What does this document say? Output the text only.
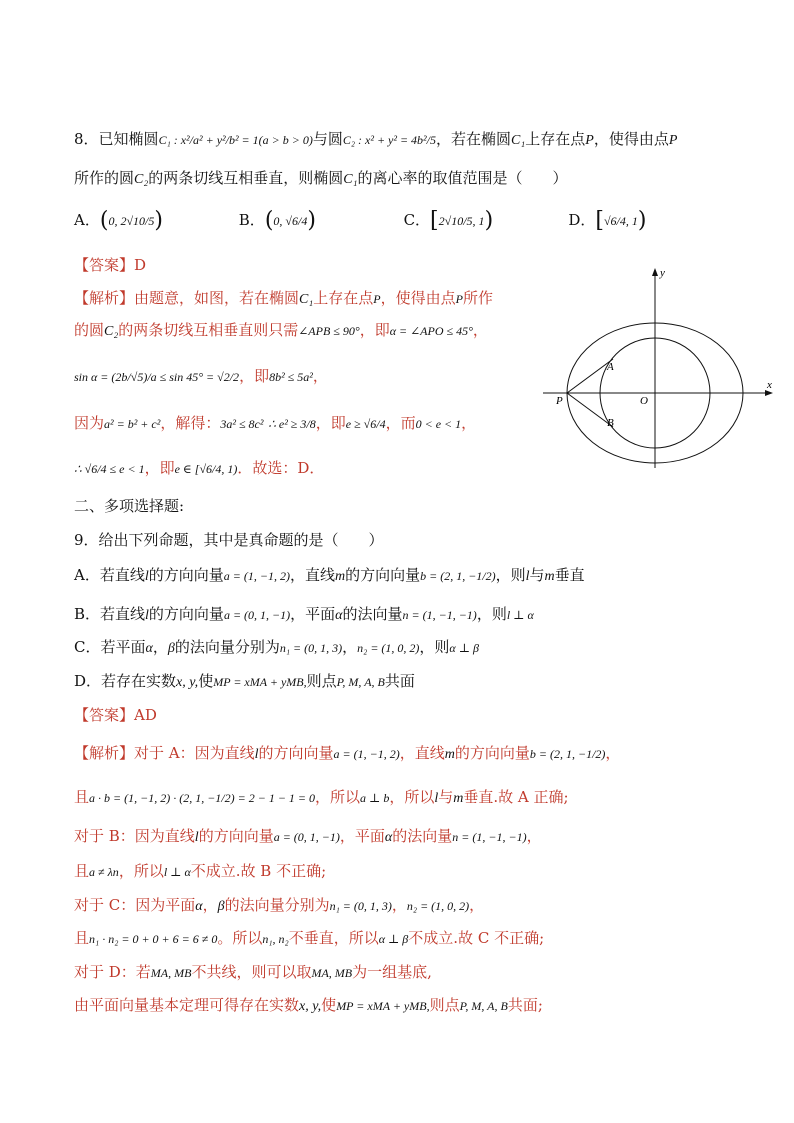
8．已知椭圆C₁ : x²/a² + y²/b² = 1(a > b > 0)与圆C₂ : x² + y² = 4b²/5，若在椭圆C₁上存在点P，使得由点P
所作的圆C₂的两条切线互相垂直，则椭圆C₁的离心率的取值范围是（　　）
A．(0, 2√10/5)	B．(0, √6/4)	C．[2√10/5, 1)	D．[√6/4, 1)
【答案】D
【解析】由题意，如图，若在椭圆C₁上存在点P，使得由点P所作
的圆C₂的两条切线互相垂直则只需∠APB ≤ 90°，即α = ∠APO ≤ 45°，
sin α = (2b/√5)/a ≤ sin 45° = √2/2，即8b² ≤ 5a²，
因为a² = b² + c²，解得：3a² ≤ 8c² ∴ e² ≥ 3/8，即e ≥ √6/4，而0 < e < 1，
∴ √6/4 ≤ e < 1，即e ∈ [√6/4, 1)．故选：D．
x
y
O
P
A
B
二、多项选择题:
9．给出下列命题，其中是真命题的是（　　）
A．若直线l的方向向量a = (1, −1, 2)，直线m的方向向量b = (2, 1, −1/2)，则l与m垂直
B．若直线l的方向向量a = (0, 1, −1)，平面α的法向量n = (1, −1, −1)，则l ⊥ α
C．若平面α，β的法向量分别为n₁ = (0, 1, 3)，n₂ = (1, 0, 2)，则α ⊥ β
D．若存在实数x, y,使MP = xMA + yMB,则点P, M, A, B共面
【答案】AD
【解析】对于 A：因为直线l的方向向量a = (1, −1, 2)，直线m的方向向量b = (2, 1, −1/2)，
且a · b = (1, −1, 2) · (2, 1, −1/2) = 2 − 1 − 1 = 0，所以a ⊥ b，所以l与m垂直.故 A 正确;
对于 B：因为直线l的方向向量a = (0, 1, −1)，平面α的法向量n = (1, −1, −1)，
且a ≠ λn，所以l ⊥ α不成立.故 B 不正确;
对于 C：因为平面α，β的法向量分别为n₁ = (0, 1, 3)，n₂ = (1, 0, 2)，
且n₁ · n₂ = 0 + 0 + 6 = 6 ≠ 0。所以n₁, n₂不垂直，所以α ⊥ β不成立.故 C 不正确;
对于 D：若MA, MB不共线，则可以取MA, MB为一组基底,
由平面向量基本定理可得存在实数x, y,使MP = xMA + yMB,则点P, M, A, B共面;
